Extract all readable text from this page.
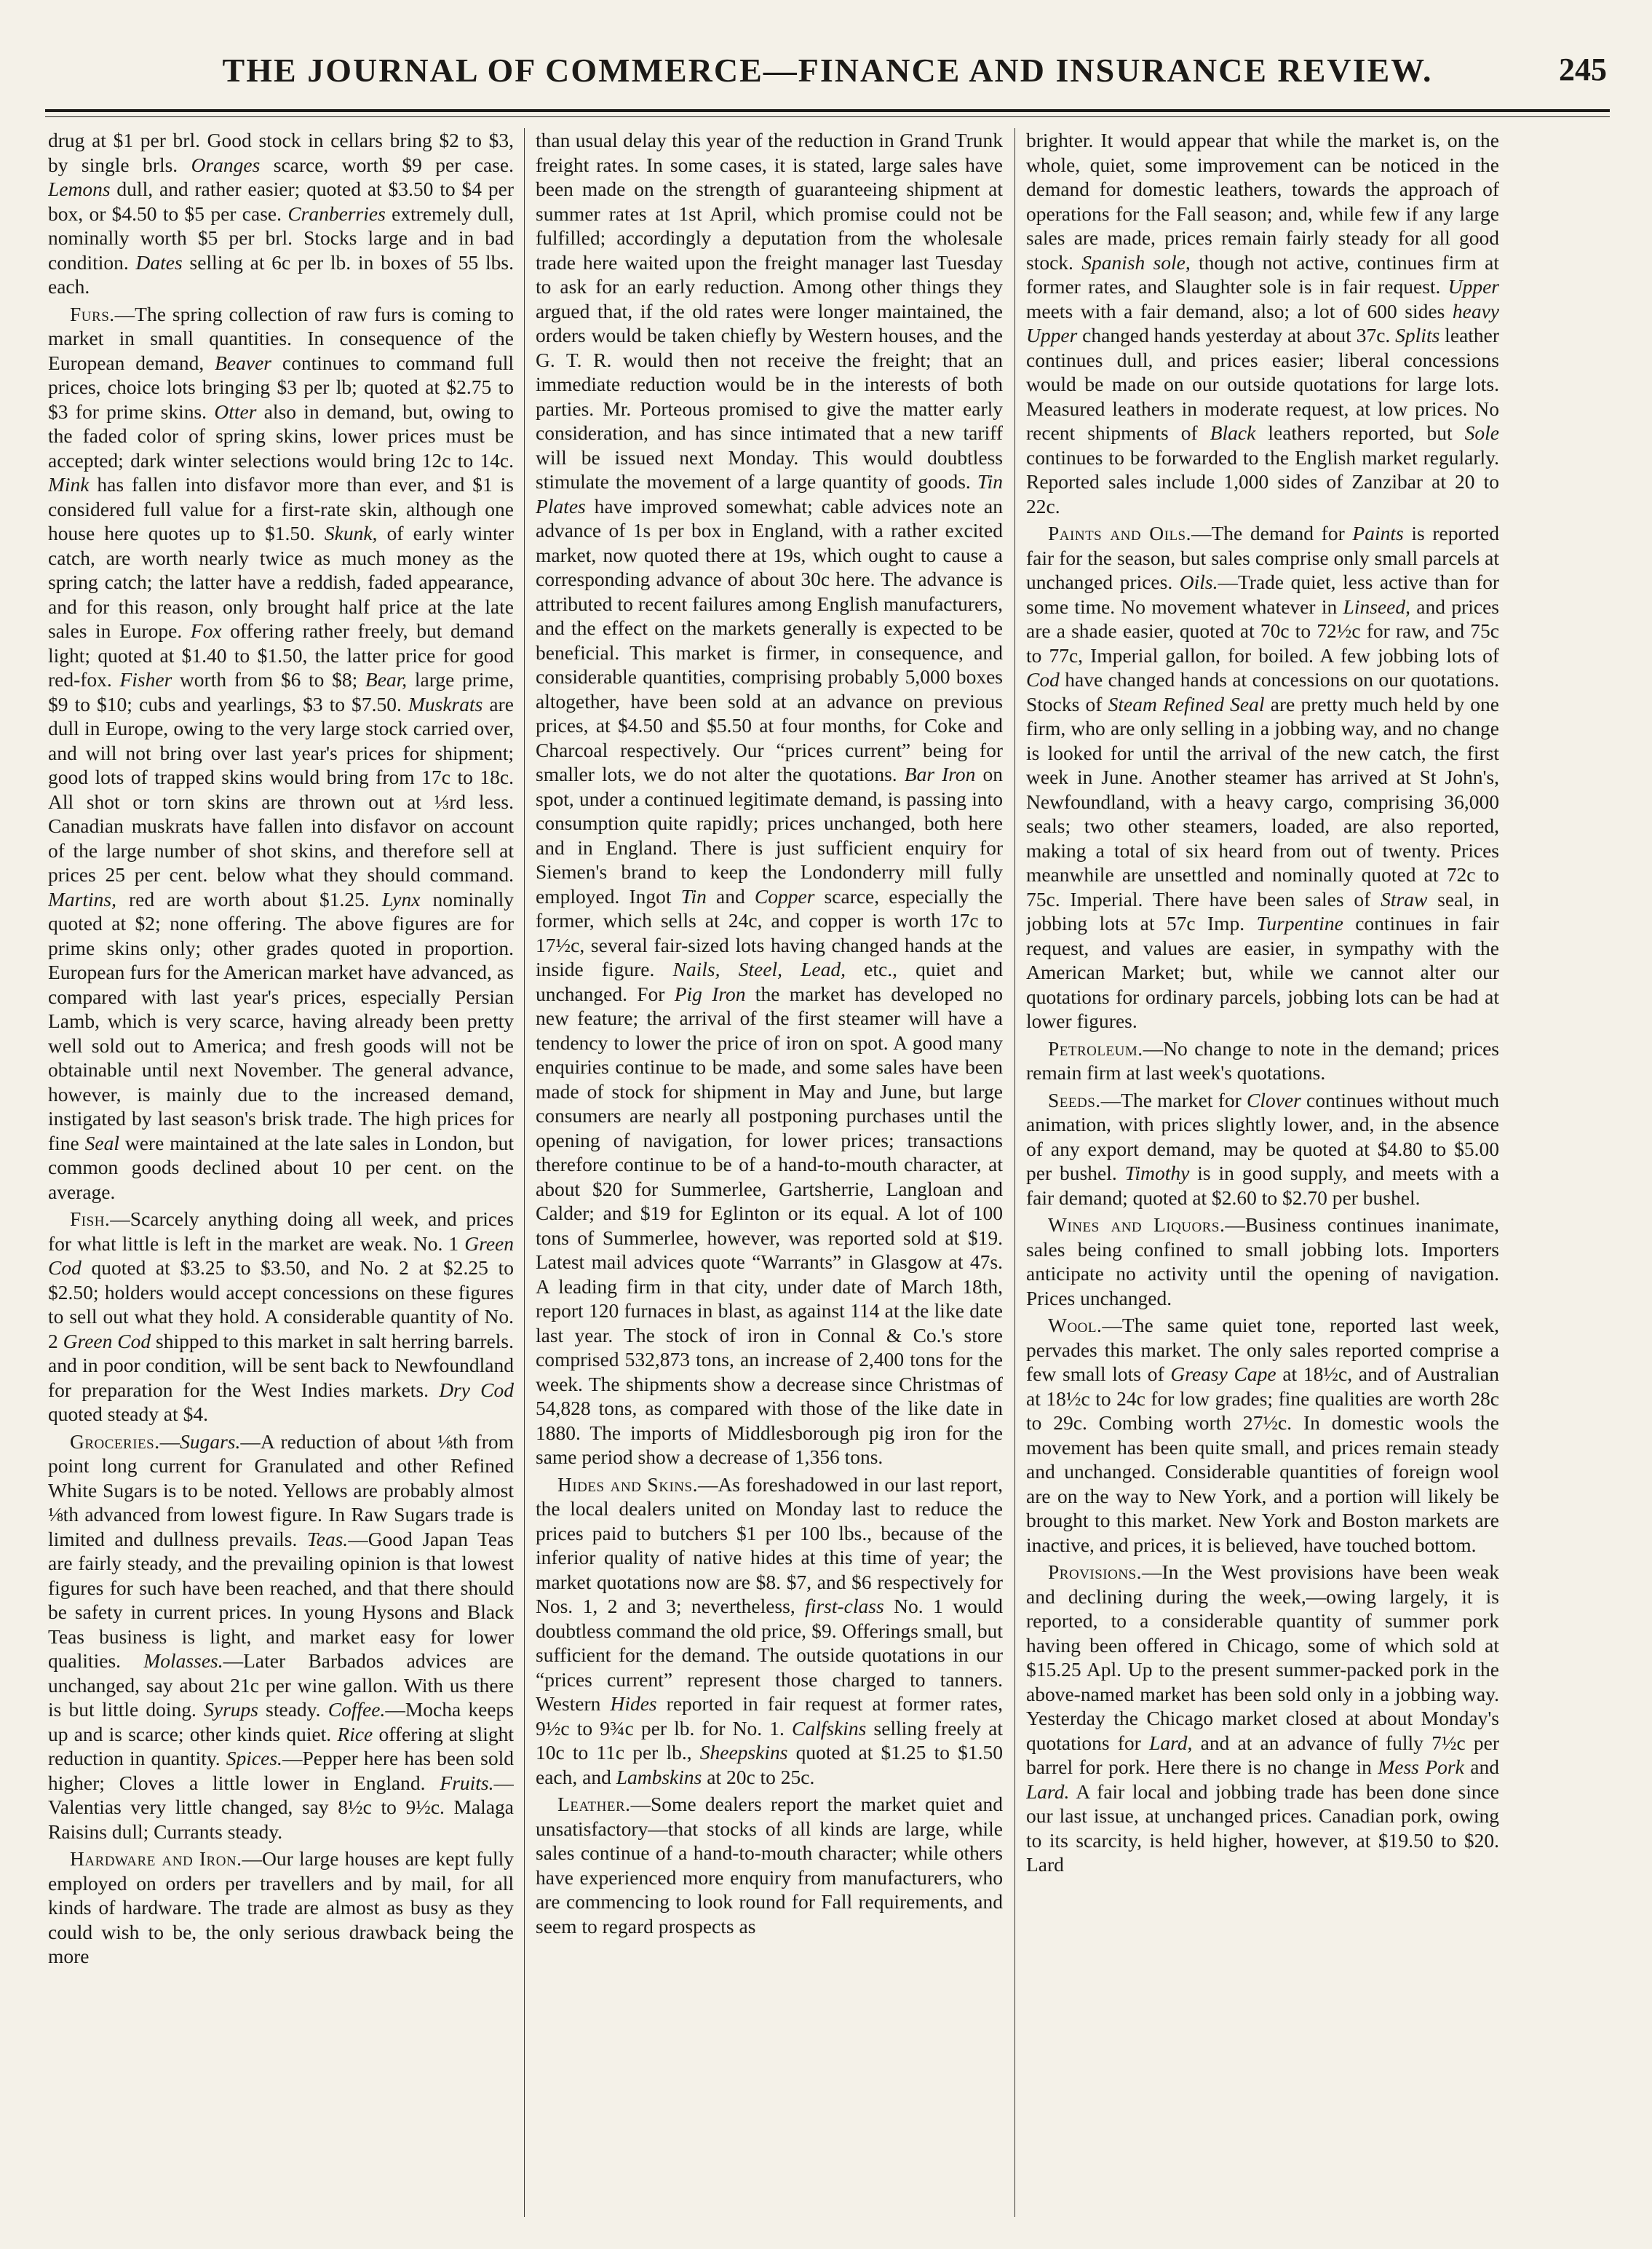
THE JOURNAL OF COMMERCE—FINANCE AND INSURANCE REVIEW.	245

drug at $1 per brl. Good stock in cellars bring $2 to $3, by single brls. Oranges scarce, worth $9 per case. Lemons dull, and rather easier; quoted at $3.50 to $4 per box, or $4.50 to $5 per case. Cranberries extremely dull, nominally worth $5 per brl. Stocks large and in bad condition. Dates selling at 6c per lb. in boxes of 55 lbs. each.

Furs.—The spring collection of raw furs is coming to market in small quantities. In consequence of the European demand, Beaver continues to command full prices, choice lots bringing $3 per lb; quoted at $2.75 to $3 for prime skins. Otter also in demand, but, owing to the faded color of spring skins, lower prices must be accepted; dark winter selections would bring 12c to 14c. Mink has fallen into disfavor more than ever, and $1 is considered full value for a first-rate skin, although one house here quotes up to $1.50. Skunk, of early winter catch, are worth nearly twice as much money as the spring catch; the latter have a reddish, faded appearance, and for this reason, only brought half price at the late sales in Europe. Fox offering rather freely, but demand light; quoted at $1.40 to $1.50, the latter price for good red-fox. Fisher worth from $6 to $8; Bear, large prime, $9 to $10; cubs and yearlings, $3 to $7.50. Muskrats are dull in Europe, owing to the very large stock carried over, and will not bring over last year's prices for shipment; good lots of trapped skins would bring from 17c to 18c. All shot or torn skins are thrown out at ⅓rd less. Canadian muskrats have fallen into disfavor on account of the large number of shot skins, and therefore sell at prices 25 per cent. below what they should command. Martins, red are worth about $1.25. Lynx nominally quoted at $2; none offering. The above figures are for prime skins only; other grades quoted in proportion. European furs for the American market have advanced, as compared with last year's prices, especially Persian Lamb, which is very scarce, having already been pretty well sold out to America; and fresh goods will not be obtainable until next November. The general advance, however, is mainly due to the increased demand, instigated by last season's brisk trade. The high prices for fine Seal were maintained at the late sales in London, but common goods declined about 10 per cent. on the average.

Fish.—Scarcely anything doing all week, and prices for what little is left in the market are weak. No. 1 Green Cod quoted at $3.25 to $3.50, and No. 2 at $2.25 to $2.50; holders would accept concessions on these figures to sell out what they hold. A considerable quantity of No. 2 Green Cod shipped to this market in salt herring barrels. and in poor condition, will be sent back to Newfoundland for preparation for the West Indies markets. Dry Cod quoted steady at $4.

Groceries.—Sugars.—A reduction of about ⅛th from point long current for Granulated and other Refined White Sugars is to be noted. Yellows are probably almost ⅛th advanced from lowest figure. In Raw Sugars trade is limited and dullness prevails. Teas.—Good Japan Teas are fairly steady, and the prevailing opinion is that lowest figures for such have been reached, and that there should be safety in current prices. In young Hysons and Black Teas business is light, and market easy for lower qualities. Molasses.—Later Barbados advices are unchanged, say about 21c per wine gallon. With us there is but little doing. Syrups steady. Coffee.—Mocha keeps up and is scarce; other kinds quiet. Rice offering at slight reduction in quantity. Spices.—Pepper here has been sold higher; Cloves a little lower in England. Fruits.—Valentias very little changed, say 8½c to 9½c. Malaga Raisins dull; Currants steady.

Hardware and Iron.—Our large houses are kept fully employed on orders per travellers and by mail, for all kinds of hardware. The trade are almost as busy as they could wish to be, the only serious drawback being the more

than usual delay this year of the reduction in Grand Trunk freight rates. In some cases, it is stated, large sales have been made on the strength of guaranteeing shipment at summer rates at 1st April, which promise could not be fulfilled; accordingly a deputation from the wholesale trade here waited upon the freight manager last Tuesday to ask for an early reduction. Among other things they argued that, if the old rates were longer maintained, the orders would be taken chiefly by Western houses, and the G. T. R. would then not receive the freight; that an immediate reduction would be in the interests of both parties. Mr. Porteous promised to give the matter early consideration, and has since intimated that a new tariff will be issued next Monday. This would doubtless stimulate the movement of a large quantity of goods. Tin Plates have improved somewhat; cable advices note an advance of 1s per box in England, with a rather excited market, now quoted there at 19s, which ought to cause a corresponding advance of about 30c here. The advance is attributed to recent failures among English manufacturers, and the effect on the markets generally is expected to be beneficial. This market is firmer, in consequence, and considerable quantities, comprising probably 5,000 boxes altogether, have been sold at an advance on previous prices, at $4.50 and $5.50 at four months, for Coke and Charcoal respectively. Our “prices current” being for smaller lots, we do not alter the quotations. Bar Iron on spot, under a continued legitimate demand, is passing into consumption quite rapidly; prices unchanged, both here and in England. There is just sufficient enquiry for Siemen's brand to keep the Londonderry mill fully employed. Ingot Tin and Copper scarce, especially the former, which sells at 24c, and copper is worth 17c to 17½c, several fair-sized lots having changed hands at the inside figure. Nails, Steel, Lead, etc., quiet and unchanged. For Pig Iron the market has developed no new feature; the arrival of the first steamer will have a tendency to lower the price of iron on spot. A good many enquiries continue to be made, and some sales have been made of stock for shipment in May and June, but large consumers are nearly all postponing purchases until the opening of navigation, for lower prices; transactions therefore continue to be of a hand-to-mouth character, at about $20 for Summerlee, Gartsherrie, Langloan and Calder; and $19 for Eglinton or its equal. A lot of 100 tons of Summerlee, however, was reported sold at $19. Latest mail advices quote “Warrants” in Glasgow at 47s. A leading firm in that city, under date of March 18th, report 120 furnaces in blast, as against 114 at the like date last year. The stock of iron in Connal & Co.'s store comprised 532,873 tons, an increase of 2,400 tons for the week. The shipments show a decrease since Christmas of 54,828 tons, as compared with those of the like date in 1880. The imports of Middlesborough pig iron for the same period show a decrease of 1,356 tons.

Hides and Skins.—As foreshadowed in our last report, the local dealers united on Monday last to reduce the prices paid to butchers $1 per 100 lbs., because of the inferior quality of native hides at this time of year; the market quotations now are $8. $7, and $6 respectively for Nos. 1, 2 and 3; nevertheless, first-class No. 1 would doubtless command the old price, $9. Offerings small, but sufficient for the demand. The outside quotations in our “prices current” represent those charged to tanners. Western Hides reported in fair request at former rates, 9½c to 9¾c per lb. for No. 1. Calfskins selling freely at 10c to 11c per lb., Sheepskins quoted at $1.25 to $1.50 each, and Lambskins at 20c to 25c.

Leather.—Some dealers report the market quiet and unsatisfactory—that stocks of all kinds are large, while sales continue of a hand-to-mouth character; while others have experienced more enquiry from manufacturers, who are commencing to look round for Fall requirements, and seem to regard prospects as

brighter. It would appear that while the market is, on the whole, quiet, some improvement can be noticed in the demand for domestic leathers, towards the approach of operations for the Fall season; and, while few if any large sales are made, prices remain fairly steady for all good stock. Spanish sole, though not active, continues firm at former rates, and Slaughter sole is in fair request. Upper meets with a fair demand, also; a lot of 600 sides heavy Upper changed hands yesterday at about 37c. Splits leather continues dull, and prices easier; liberal concessions would be made on our outside quotations for large lots. Measured leathers in moderate request, at low prices. No recent shipments of Black leathers reported, but Sole continues to be forwarded to the English market regularly. Reported sales include 1,000 sides of Zanzibar at 20 to 22c.

Paints and Oils.—The demand for Paints is reported fair for the season, but sales comprise only small parcels at unchanged prices. Oils.—Trade quiet, less active than for some time. No movement whatever in Linseed, and prices are a shade easier, quoted at 70c to 72½c for raw, and 75c to 77c, Imperial gallon, for boiled. A few jobbing lots of Cod have changed hands at concessions on our quotations. Stocks of Steam Refined Seal are pretty much held by one firm, who are only selling in a jobbing way, and no change is looked for until the arrival of the new catch, the first week in June. Another steamer has arrived at St John's, Newfoundland, with a heavy cargo, comprising 36,000 seals; two other steamers, loaded, are also reported, making a total of six heard from out of twenty. Prices meanwhile are unsettled and nominally quoted at 72c to 75c. Imperial. There have been sales of Straw seal, in jobbing lots at 57c Imp. Turpentine continues in fair request, and values are easier, in sympathy with the American Market; but, while we cannot alter our quotations for ordinary parcels, jobbing lots can be had at lower figures.

Petroleum.—No change to note in the demand; prices remain firm at last week's quotations.

Seeds.—The market for Clover continues without much animation, with prices slightly lower, and, in the absence of any export demand, may be quoted at $4.80 to $5.00 per bushel. Timothy is in good supply, and meets with a fair demand; quoted at $2.60 to $2.70 per bushel.

Wines and Liquors.—Business continues inanimate, sales being confined to small jobbing lots. Importers anticipate no activity until the opening of navigation. Prices unchanged.

Wool.—The same quiet tone, reported last week, pervades this market. The only sales reported comprise a few small lots of Greasy Cape at 18½c, and of Australian at 18½c to 24c for low grades; fine qualities are worth 28c to 29c. Combing worth 27½c. In domestic wools the movement has been quite small, and prices remain steady and unchanged. Considerable quantities of foreign wool are on the way to New York, and a portion will likely be brought to this market. New York and Boston markets are inactive, and prices, it is believed, have touched bottom.

Provisions.—In the West provisions have been weak and declining during the week,—owing largely, it is reported, to a considerable quantity of summer pork having been offered in Chicago, some of which sold at $15.25 Apl. Up to the present summer-packed pork in the above-named market has been sold only in a jobbing way. Yesterday the Chicago market closed at about Monday's quotations for Lard, and at an advance of fully 7½c per barrel for pork. Here there is no change in Mess Pork and Lard. A fair local and jobbing trade has been done since our last issue, at unchanged prices. Canadian pork, owing to its scarcity, is held higher, however, at $19.50 to $20. Lard
